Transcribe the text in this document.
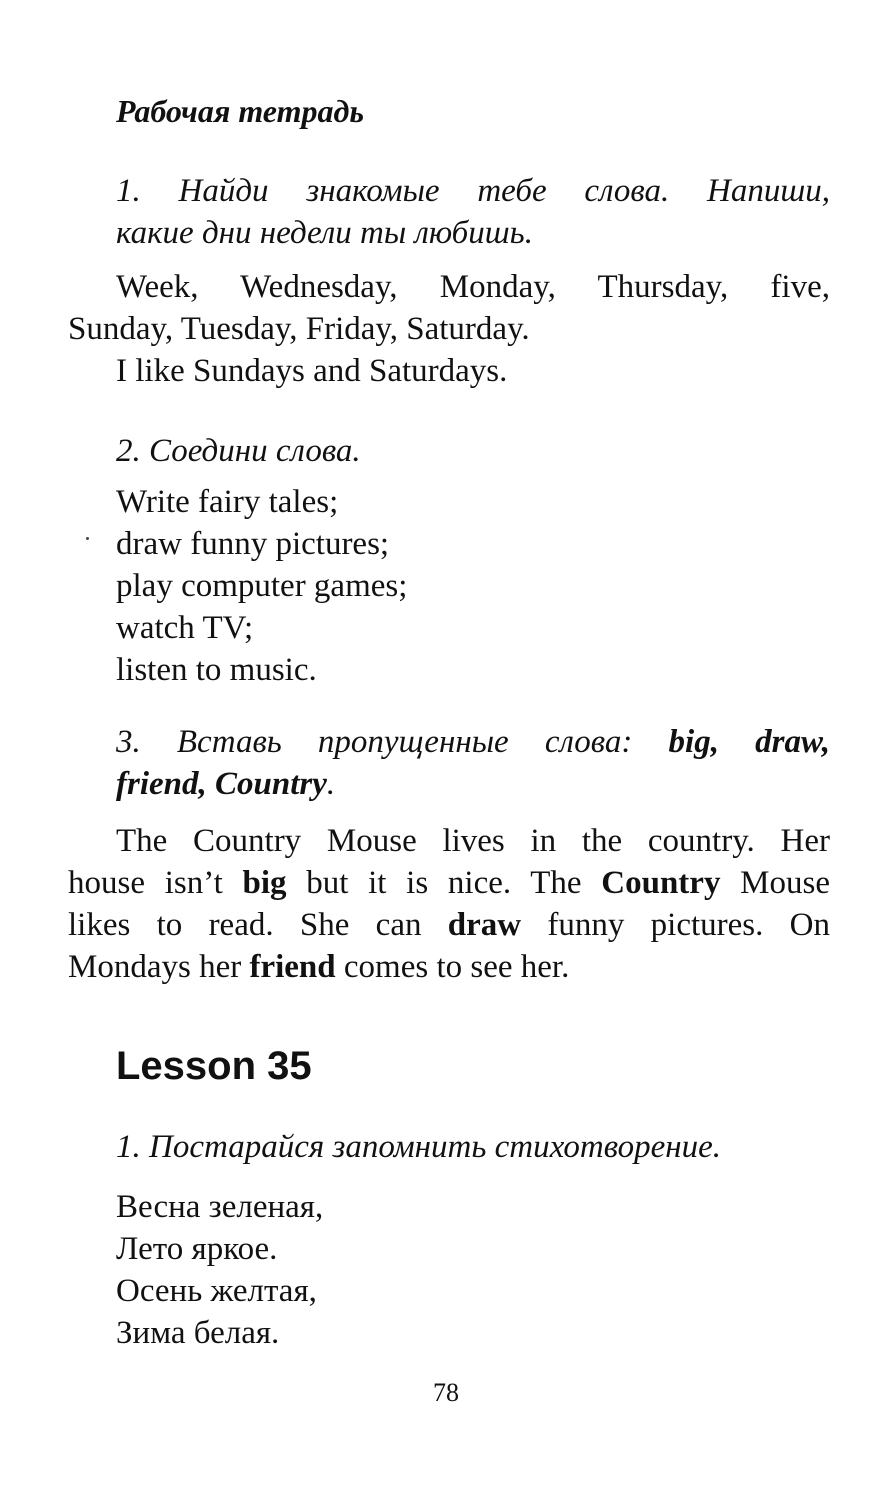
Рабочая тетрадь
1. Найди знакомые тебе слова. Напиши,
какие дни недели ты любишь.
Week, Wednesday, Monday, Thursday, five,
Sunday, Tuesday, Friday, Saturday.
I like Sundays and Saturdays.
2. Соедини слова.
Write fairy tales;
draw funny pictures;
play computer games;
watch TV;
listen to music.
3. Вставь пропущенные слова: big, draw,
friend, Country.
The Country Mouse lives in the country. Her
house isn’t big but it is nice. The Country Mouse
likes to read. She can draw funny pictures. On
Mondays her friend comes to see her.
Lesson 35
1. Постарайся запомнить стихотворение.
Весна зеленая,
Лето яркое.
Осень желтая,
Зима белая.
78
